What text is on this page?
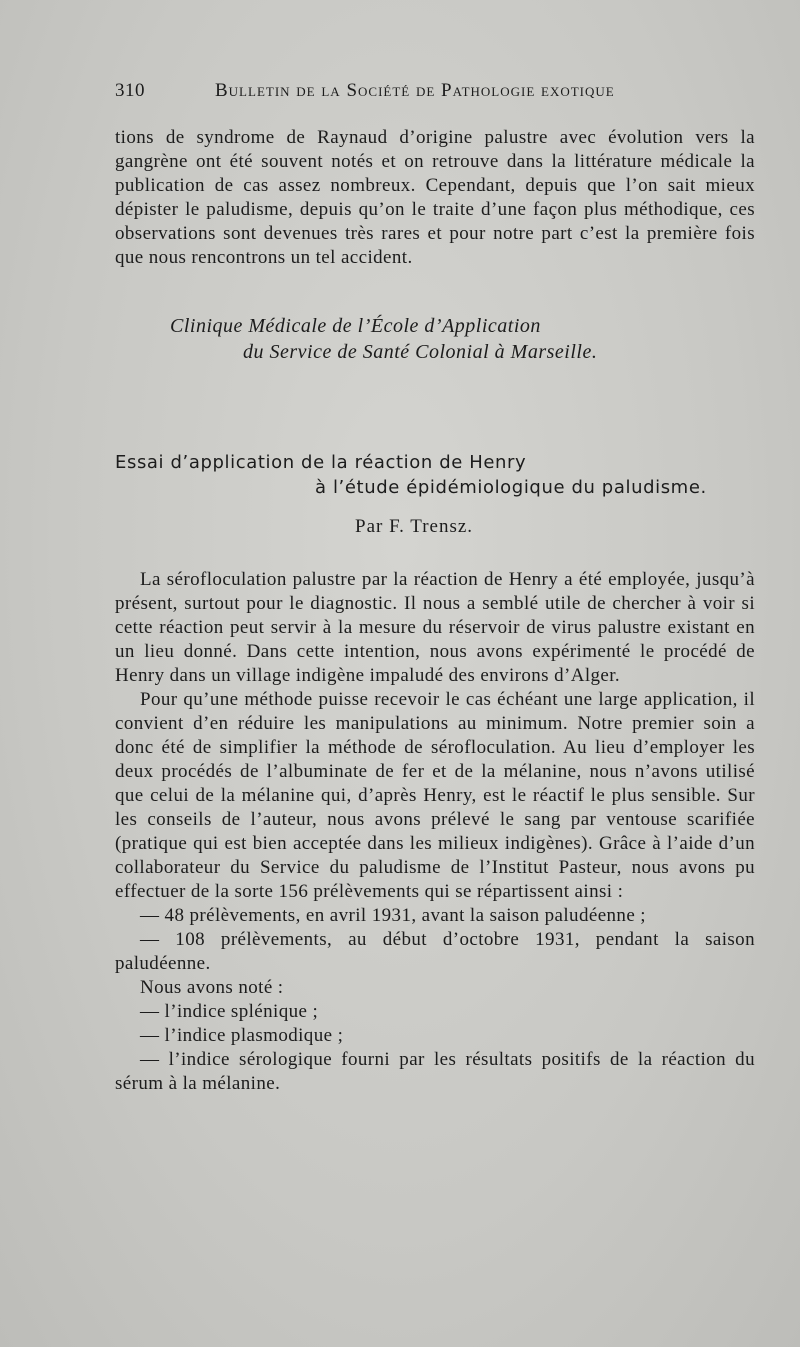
310	Bulletin de la Société de Pathologie exotique

tions de syndrome de Raynaud d’origine palustre avec évolution vers la gangrène ont été souvent notés et on retrouve dans la littérature médicale la publication de cas assez nombreux. Cependant, depuis que l’on sait mieux dépister le paludisme, depuis qu’on le traite d’une façon plus méthodique, ces observations sont devenues très rares et pour notre part c’est la première fois que nous rencontrons un tel accident.

Clinique Médicale de l’École d’Application
du Service de Santé Colonial à Marseille.
Essai d’application de la réaction de Henry
à l’étude épidémiologique du paludisme.
Par F. Trensz.

La sérofloculation palustre par la réaction de Henry a été employée, jusqu’à présent, surtout pour le diagnostic. Il nous a semblé utile de chercher à voir si cette réaction peut servir à la mesure du réservoir de virus palustre existant en un lieu donné. Dans cette intention, nous avons expérimenté le procédé de Henry dans un village indigène impaludé des environs d’Alger.

Pour qu’une méthode puisse recevoir le cas échéant une large application, il convient d’en réduire les manipulations au minimum. Notre premier soin a donc été de simplifier la méthode de sérofloculation. Au lieu d’employer les deux procédés de l’albuminate de fer et de la mélanine, nous n’avons utilisé que celui de la mélanine qui, d’après Henry, est le réactif le plus sensible. Sur les conseils de l’auteur, nous avons prélevé le sang par ventouse scarifiée (pratique qui est bien acceptée dans les milieux indigènes). Grâce à l’aide d’un collaborateur du Service du paludisme de l’Institut Pasteur, nous avons pu effectuer de la sorte 156 prélèvements qui se répartissent ainsi :

— 48 prélèvements, en avril 1931, avant la saison paludéenne ;

— 108 prélèvements, au début d’octobre 1931, pendant la saison paludéenne.

Nous avons noté :

— l’indice splénique ;

— l’indice plasmodique ;

— l’indice sérologique fourni par les résultats positifs de la réaction du sérum à la mélanine.
